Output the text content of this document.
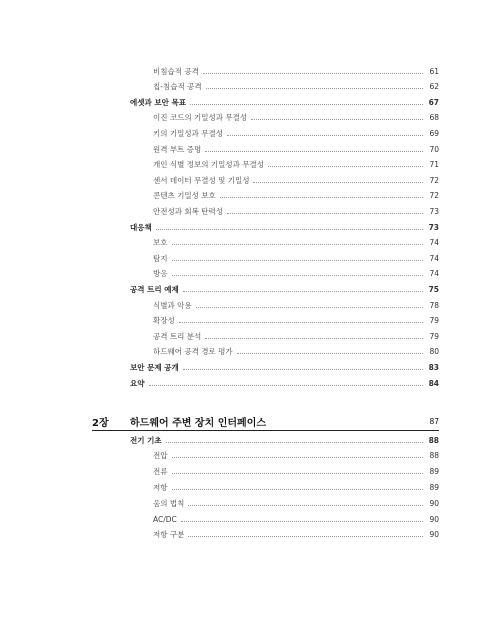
비침습적 공격	61
칩-침습적 공격	62
에셋과 보안 목표	67
이진 코드의 기밀성과 무결성	68
키의 기밀성과 무결성	69
원격 부트 증명	70
개인 식별 정보의 기밀성과 무결성	71
센서 데이터 무결성 및 기밀성	72
콘텐츠 기밀성 보호	72
안전성과 회복 탄력성	73
대응책	73
보호	74
탐지	74
방응	74
공격 트리 예제	75
식별과 악용	78
확장성	79
공격 트리 분석	79
하드웨어 공격 경로 평가	80
보안 문제 공개	83
요약	84
2장	하드웨어 주변 장치 인터페이스	87
전기 기초	88
전압	88
전류	89
저항	89
옴의 법칙	90
AC/DC	90
저항 구분	90
